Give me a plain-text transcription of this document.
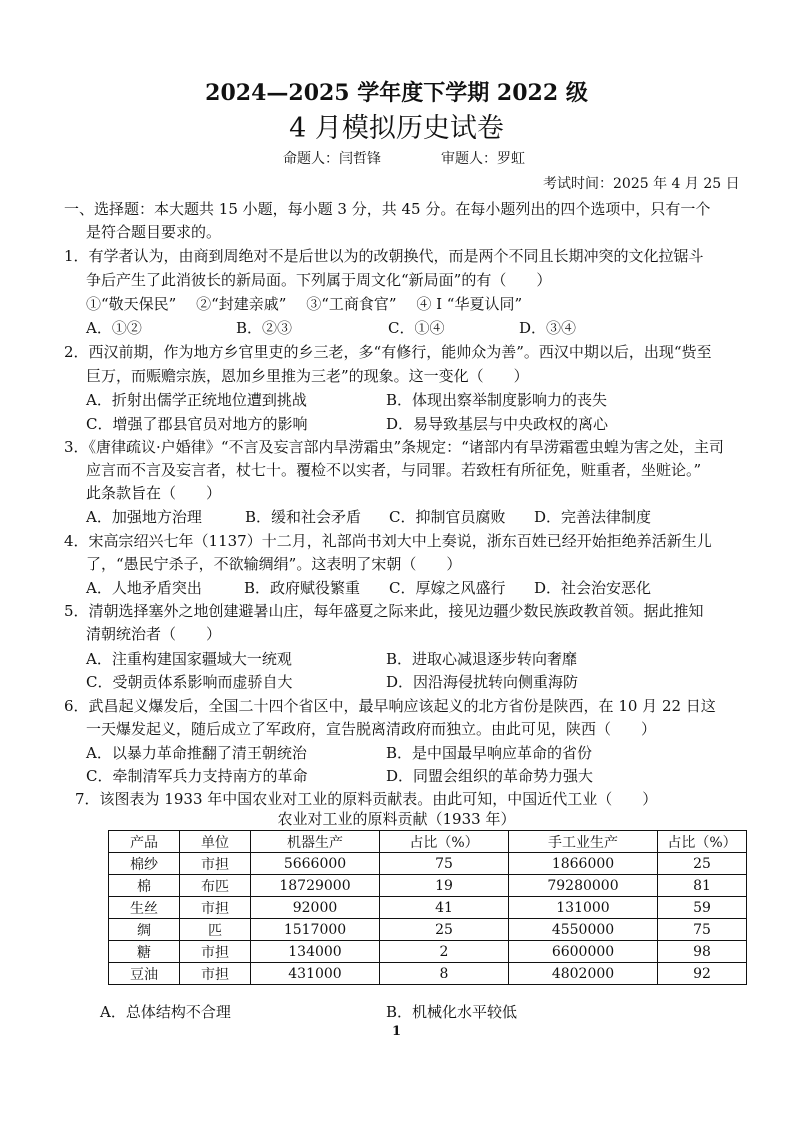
2024—2025 学年度下学期 2022 级
4 月模拟历史试卷
命题人：闫哲锋	审题人：罗虹
考试时间：2025 年 4 月 25 日
一、选择题：本大题共 15 小题，每小题 3 分，共 45 分。在每小题列出的四个选项中，只有一个
是符合题目要求的。
1．有学者认为，由商到周绝对不是后世以为的改朝换代，而是两个不同且长期冲突的文化拉锯斗
争后产生了此消彼长的新局面。下列属于周文化“新局面”的有（　　）
①“敬天保民”　 ②“封建亲戚”　 ③“工商食官”　 ④ I “华夏认同”
A．①②	B．②③	C．①④	D．③④
2．西汉前期，作为地方乡官里吏的乡三老，多“有修行，能帅众为善”。西汉中期以后，出现“赀至
巨万，而赈赡宗族，恩加乡里推为三老”的现象。这一变化（　　）
A．折射出儒学正统地位遭到挑战	B．体现出察举制度影响力的丧失
C．增强了郡县官员对地方的影响	D．易导致基层与中央政权的离心
3．《唐律疏议·户婚律》“不言及妄言部内旱涝霜虫”条规定：“诸部内有旱涝霜雹虫蝗为害之处，主司
应言而不言及妄言者，杖七十。覆检不以实者，与同罪。若致枉有所征免，赃重者，坐赃论。”
此条款旨在（　　）
A．加强地方治理	B．缓和社会矛盾 C．抑制官员腐败 D．完善法律制度
4．宋高宗绍兴七年（1137）十二月，礼部尚书刘大中上奏说，浙东百姓已经开始拒绝养活新生儿
了，“愚民宁杀子，不欲输绸绢”。这表明了宋朝（　　）
A．人地矛盾突出	B．政府赋役繁重 C．厚嫁之风盛行 D．社会治安恶化
5．清朝选择塞外之地创建避暑山庄，每年盛夏之际来此，接见边疆少数民族政教首领。据此推知
清朝统治者（　　）
A．注重构建国家疆域大一统观	B．进取心减退逐步转向奢靡
C．受朝贡体系影响而虚骄自大	D．因沿海侵扰转向侧重海防
6．武昌起义爆发后，全国二十四个省区中，最早响应该起义的北方省份是陕西，在 10 月 22 日这
一天爆发起义，随后成立了军政府，宣告脱离清政府而独立。由此可见，陕西（　　）
A．以暴力革命推翻了清王朝统治	B．是中国最早响应革命的省份
C．牵制清军兵力支持南方的革命	D．同盟会组织的革命势力强大
7．该图表为 1933 年中国农业对工业的原料贡献表。由此可知，中国近代工业（　　）
农业对工业的原料贡献（1933 年）
产品	单位	机器生产	占比（%）	手工业生产	占比（%）
棉纱	市担	5666000	75	1866000	25
棉	布匹	18729000	19	79280000	81
生丝	市担	92000	41	131000	59
绸	匹	1517000	25	4550000	75
糖	市担	134000	2	6600000	98
豆油	市担	431000	8	4802000	92
A．总体结构不合理	B．机械化水平较低
1
